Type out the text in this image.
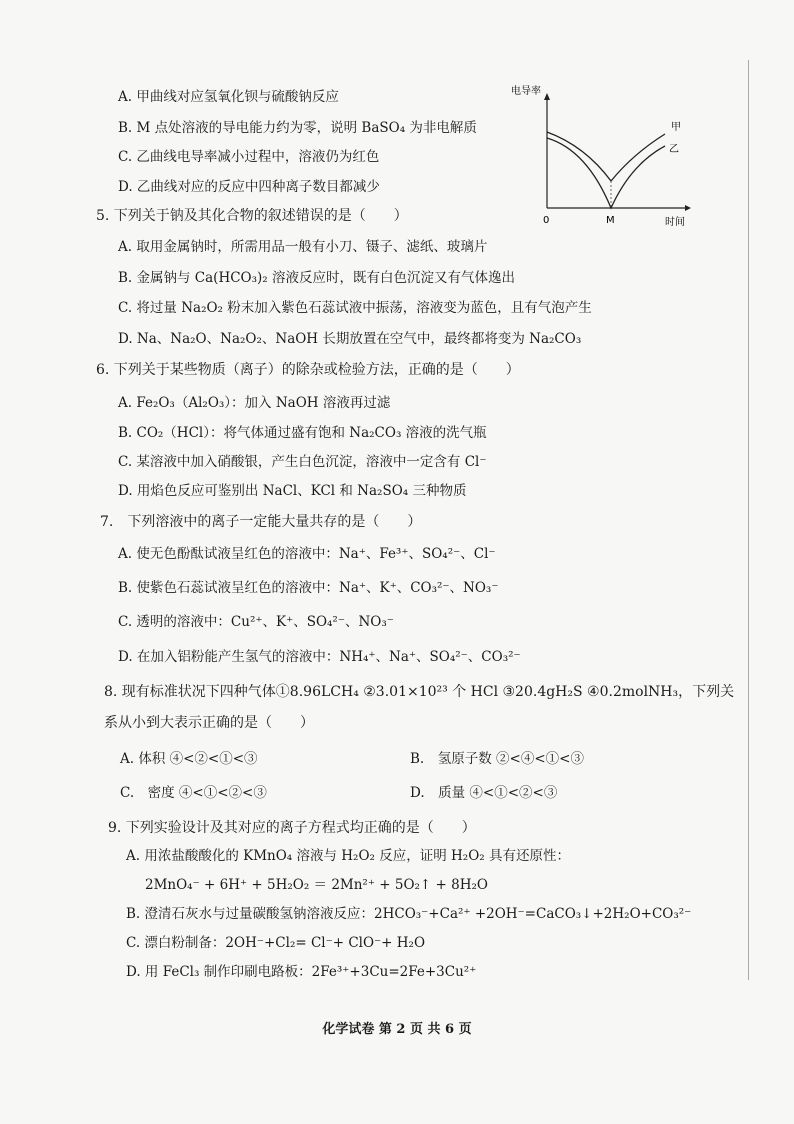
A. 甲曲线对应氢氧化钡与硫酸钠反应
B. M 点处溶液的导电能力约为零，说明 BaSO₄ 为非电解质
C. 乙曲线电导率减小过程中，溶液仍为红色
D. 乙曲线对应的反应中四种离子数目都减少
电导率
时间
0	M
甲
乙
5. 下列关于钠及其化合物的叙述错误的是（　　）
A. 取用金属钠时，所需用品一般有小刀、镊子、滤纸、玻璃片
B. 金属钠与 Ca(HCO₃)₂ 溶液反应时，既有白色沉淀又有气体逸出
C. 将过量 Na₂O₂ 粉末加入紫色石蕊试液中振荡，溶液变为蓝色，且有气泡产生
D. Na、Na₂O、Na₂O₂、NaOH 长期放置在空气中，最终都将变为 Na₂CO₃
6. 下列关于某些物质（离子）的除杂或检验方法，正确的是（　　）
A. Fe₂O₃（Al₂O₃）：加入 NaOH 溶液再过滤
B. CO₂（HCl）：将气体通过盛有饱和 Na₂CO₃ 溶液的洗气瓶
C. 某溶液中加入硝酸银，产生白色沉淀，溶液中一定含有 Cl⁻
D. 用焰色反应可鉴别出 NaCl、KCl 和 Na₂SO₄ 三种物质
7.　下列溶液中的离子一定能大量共存的是（　　）
A. 使无色酚酞试液呈红色的溶液中：Na⁺、Fe³⁺、SO₄²⁻、Cl⁻
B. 使紫色石蕊试液呈红色的溶液中：Na⁺、K⁺、CO₃²⁻、NO₃⁻
C. 透明的溶液中：Cu²⁺、K⁺、SO₄²⁻、NO₃⁻
D. 在加入铝粉能产生氢气的溶液中：NH₄⁺、Na⁺、SO₄²⁻、CO₃²⁻
8. 现有标准状况下四种气体①8.96LCH₄ ②3.01×10²³ 个 HCl ③20.4gH₂S ④0.2molNH₃，下列关
系从小到大表示正确的是（　　）
A. 体积 ④<②<①<③	B.　氢原子数 ②<④<①<③
C.　密度 ④<①<②<③	D.　质量 ④<①<②<③
9. 下列实验设计及其对应的离子方程式均正确的是（　　）
A. 用浓盐酸酸化的 KMnO₄ 溶液与 H₂O₂ 反应，证明 H₂O₂ 具有还原性：
2MnO₄⁻ + 6H⁺ + 5H₂O₂ ＝ 2Mn²⁺ + 5O₂↑ + 8H₂O
B. 澄清石灰水与过量碳酸氢钠溶液反应：2HCO₃⁻+Ca²⁺ +2OH⁻=CaCO₃↓+2H₂O+CO₃²⁻
C. 漂白粉制备：2OH⁻+Cl₂= Cl⁻+ ClO⁻+ H₂O
D. 用 FeCl₃ 制作印刷电路板：2Fe³⁺+3Cu=2Fe+3Cu²⁺
化学试卷 第 2 页 共 6 页
